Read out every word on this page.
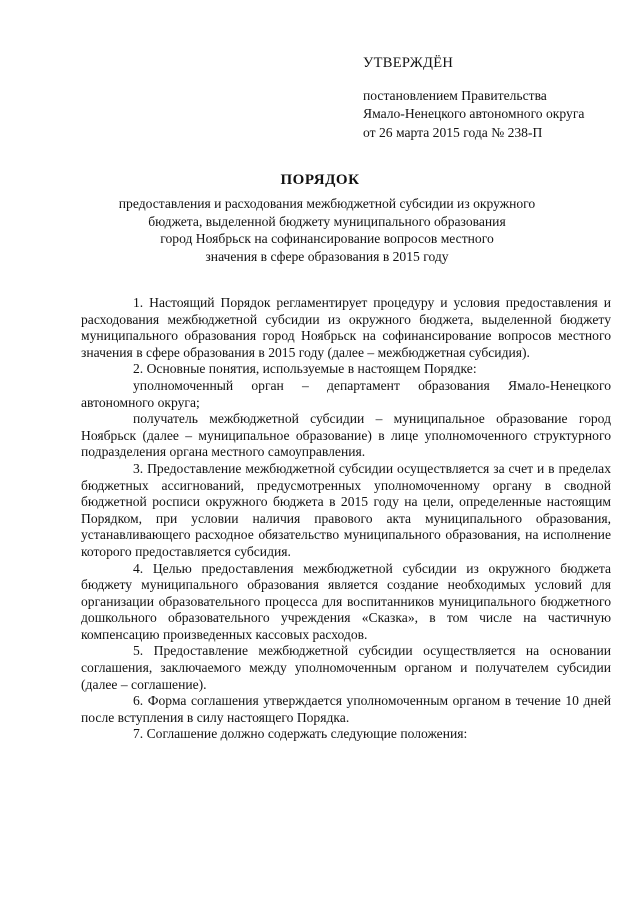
УТВЕРЖДЁН
постановлением Правительства
Ямало-Ненецкого автономного округа
от 26 марта 2015 года № 238-П
ПОРЯДОК
предоставления и расходования межбюджетной субсидии из окружного
бюджета, выделенной бюджету муниципального образования
город Ноябрьск на софинансирование вопросов местного
значения в сфере образования в 2015 году

1. Настоящий Порядок регламентирует процедуру и условия предоставления и расходования межбюджетной субсидии из окружного бюджета, выделенной бюджету муниципального образования город Ноябрьск на софинансирование вопросов местного значения в сфере образования в 2015 году (далее – межбюджетная субсидия).

2. Основные понятия, используемые в настоящем Порядке:

уполномоченный орган – департамент образования Ямало-Ненецкого автономного округа;

получатель межбюджетной субсидии – муниципальное образование город Ноябрьск (далее – муниципальное образование) в лице уполномоченного структурного подразделения органа местного самоуправления.

3. Предоставление межбюджетной субсидии осуществляется за счет и в пределах бюджетных ассигнований, предусмотренных уполномоченному органу в сводной бюджетной росписи окружного бюджета в 2015 году на цели, определенные настоящим Порядком, при условии наличия правового акта муниципального образования, устанавливающего расходное обязательство муниципального образования, на исполнение которого предоставляется субсидия.

4. Целью предоставления межбюджетной субсидии из окружного бюджета бюджету муниципального образования является создание необходимых условий для организации образовательного процесса для воспитанников муниципального бюджетного дошкольного образовательного учреждения «Сказка», в том числе на частичную компенсацию произведенных кассовых расходов.

5. Предоставление межбюджетной субсидии осуществляется на основании соглашения, заключаемого между уполномоченным органом и получателем субсидии (далее – соглашение).

6. Форма соглашения утверждается уполномоченным органом в течение 10 дней после вступления в силу настоящего Порядка.

7. Соглашение должно содержать следующие положения:
